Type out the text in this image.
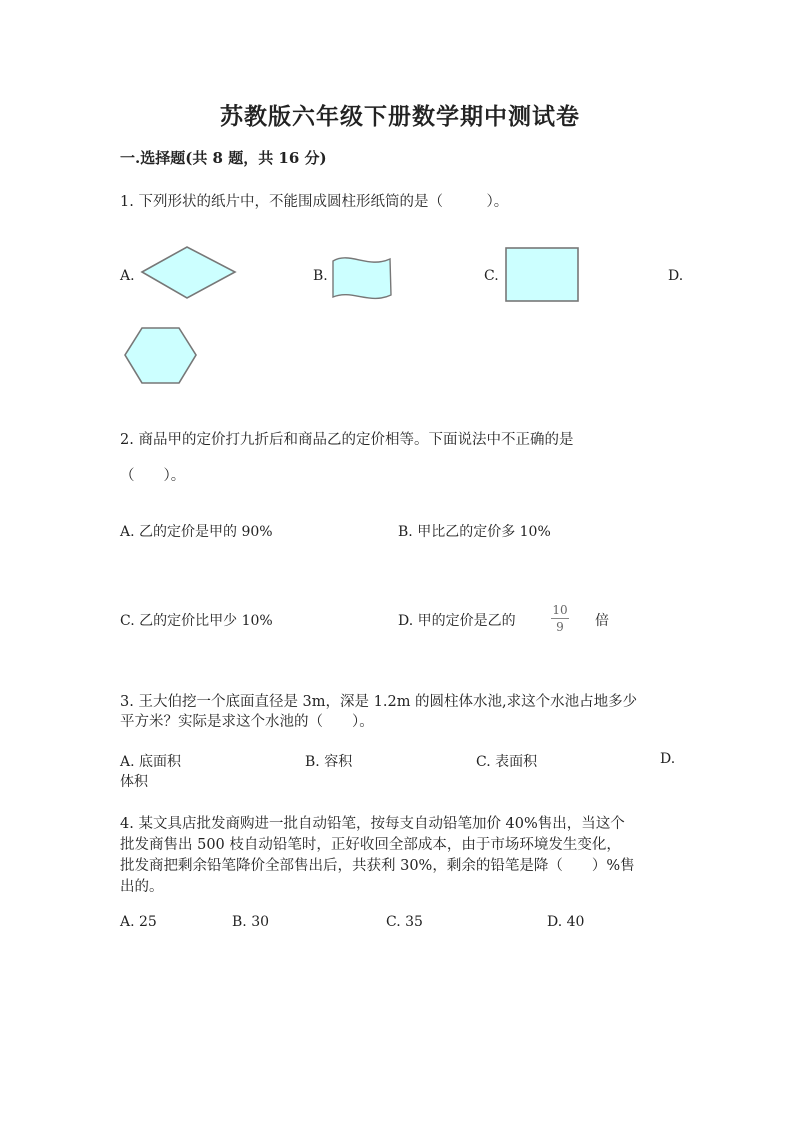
苏教版六年级下册数学期中测试卷
一.选择题(共 8 题，共 16 分)
1. 下列形状的纸片中，不能围成圆柱形纸筒的是（　　　）。
A.	B.	C.	D.
2. 商品甲的定价打九折后和商品乙的定价相等。下面说法中不正确的是
（　　）。
A. 乙的定价是甲的 90%	B. 甲比乙的定价多 10%
C. 乙的定价比甲少 10%	D. 甲的定价是乙的
10
9	倍
3. 王大伯挖一个底面直径是 3m，深是 1.2m 的圆柱体水池,求这个水池占地多少
平方米？实际是求这个水池的（　　）。
A. 底面积	B. 容积	C. 表面积	D.
体积
4. 某文具店批发商购进一批自动铅笔，按每支自动铅笔加价 40%售出，当这个
批发商售出 500 枝自动铅笔时，正好收回全部成本，由于市场环境发生变化，
批发商把剩余铅笔降价全部售出后，共获利 30%，剩余的铅笔是降（　　）%售
出的。
A. 25	B. 30	C. 35	D. 40
